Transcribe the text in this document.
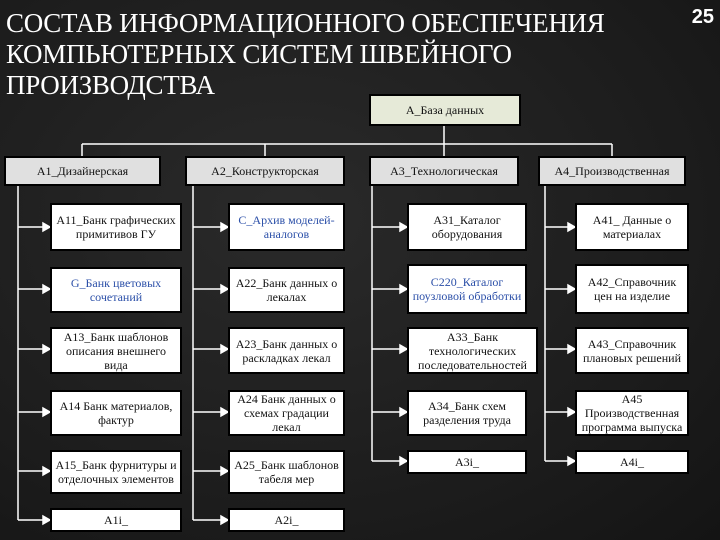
СОСТАВ ИНФОРМАЦИОННОГО ОБЕСПЕЧЕНИЯ КОМПЬЮТЕРНЫХ СИСТЕМ ШВЕЙНОГО ПРОИЗВОДСТВА
25
A_База данных
A1_Дизайнерская	A2_Конструкторская	A3_Технологическая	A4_Производственная
A11_Банк графических примитивов ГУ
G_Банк цветовых сочетаний
A13_Банк шаблонов описания внешнего вида
A14 Банк материалов, фактур
A15_Банк фурнитуры и отделочных элементов
A1i_
C_Архив моделей-аналогов
A22_Банк данных о лекалах
A23_Банк данных о раскладках лекал
A24 Банк данных о схемах градации лекал
A25_Банк шаблонов табеля мер
A2i_
A31_Каталог оборудования
C220_Каталог поузловой обработки
A33_Банк технологических последовательностей
A34_Банк схем разделения труда
A3i_
A41_ Данные о материалах
A42_Справочник цен на изделие
A43_Справочник плановых решений
A45 Производственная программа выпуска
A4i_
